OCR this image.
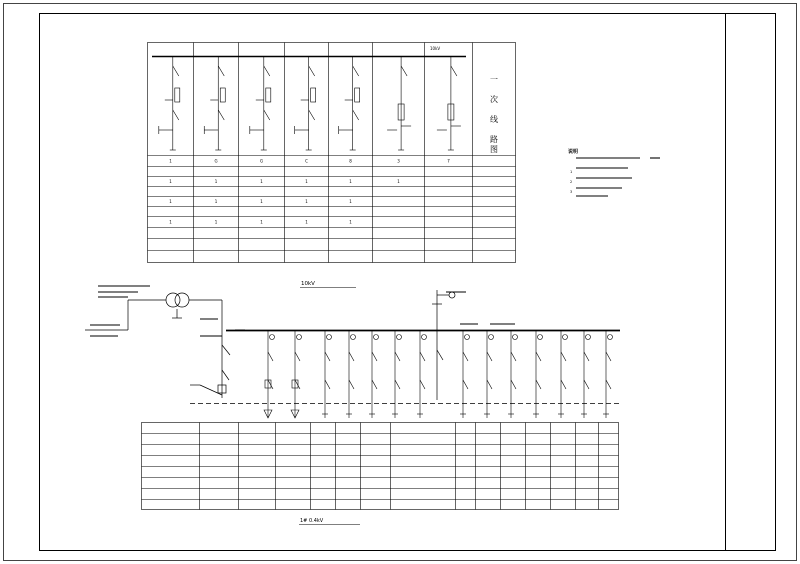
1
1
1
1
G
1
1
1
G
1
1
1
C
1
1
1
8
1
1
1
3
1
7
10kV
一
次
线
路
图	说明
1
2
3
10kV
1# 0.4kV
